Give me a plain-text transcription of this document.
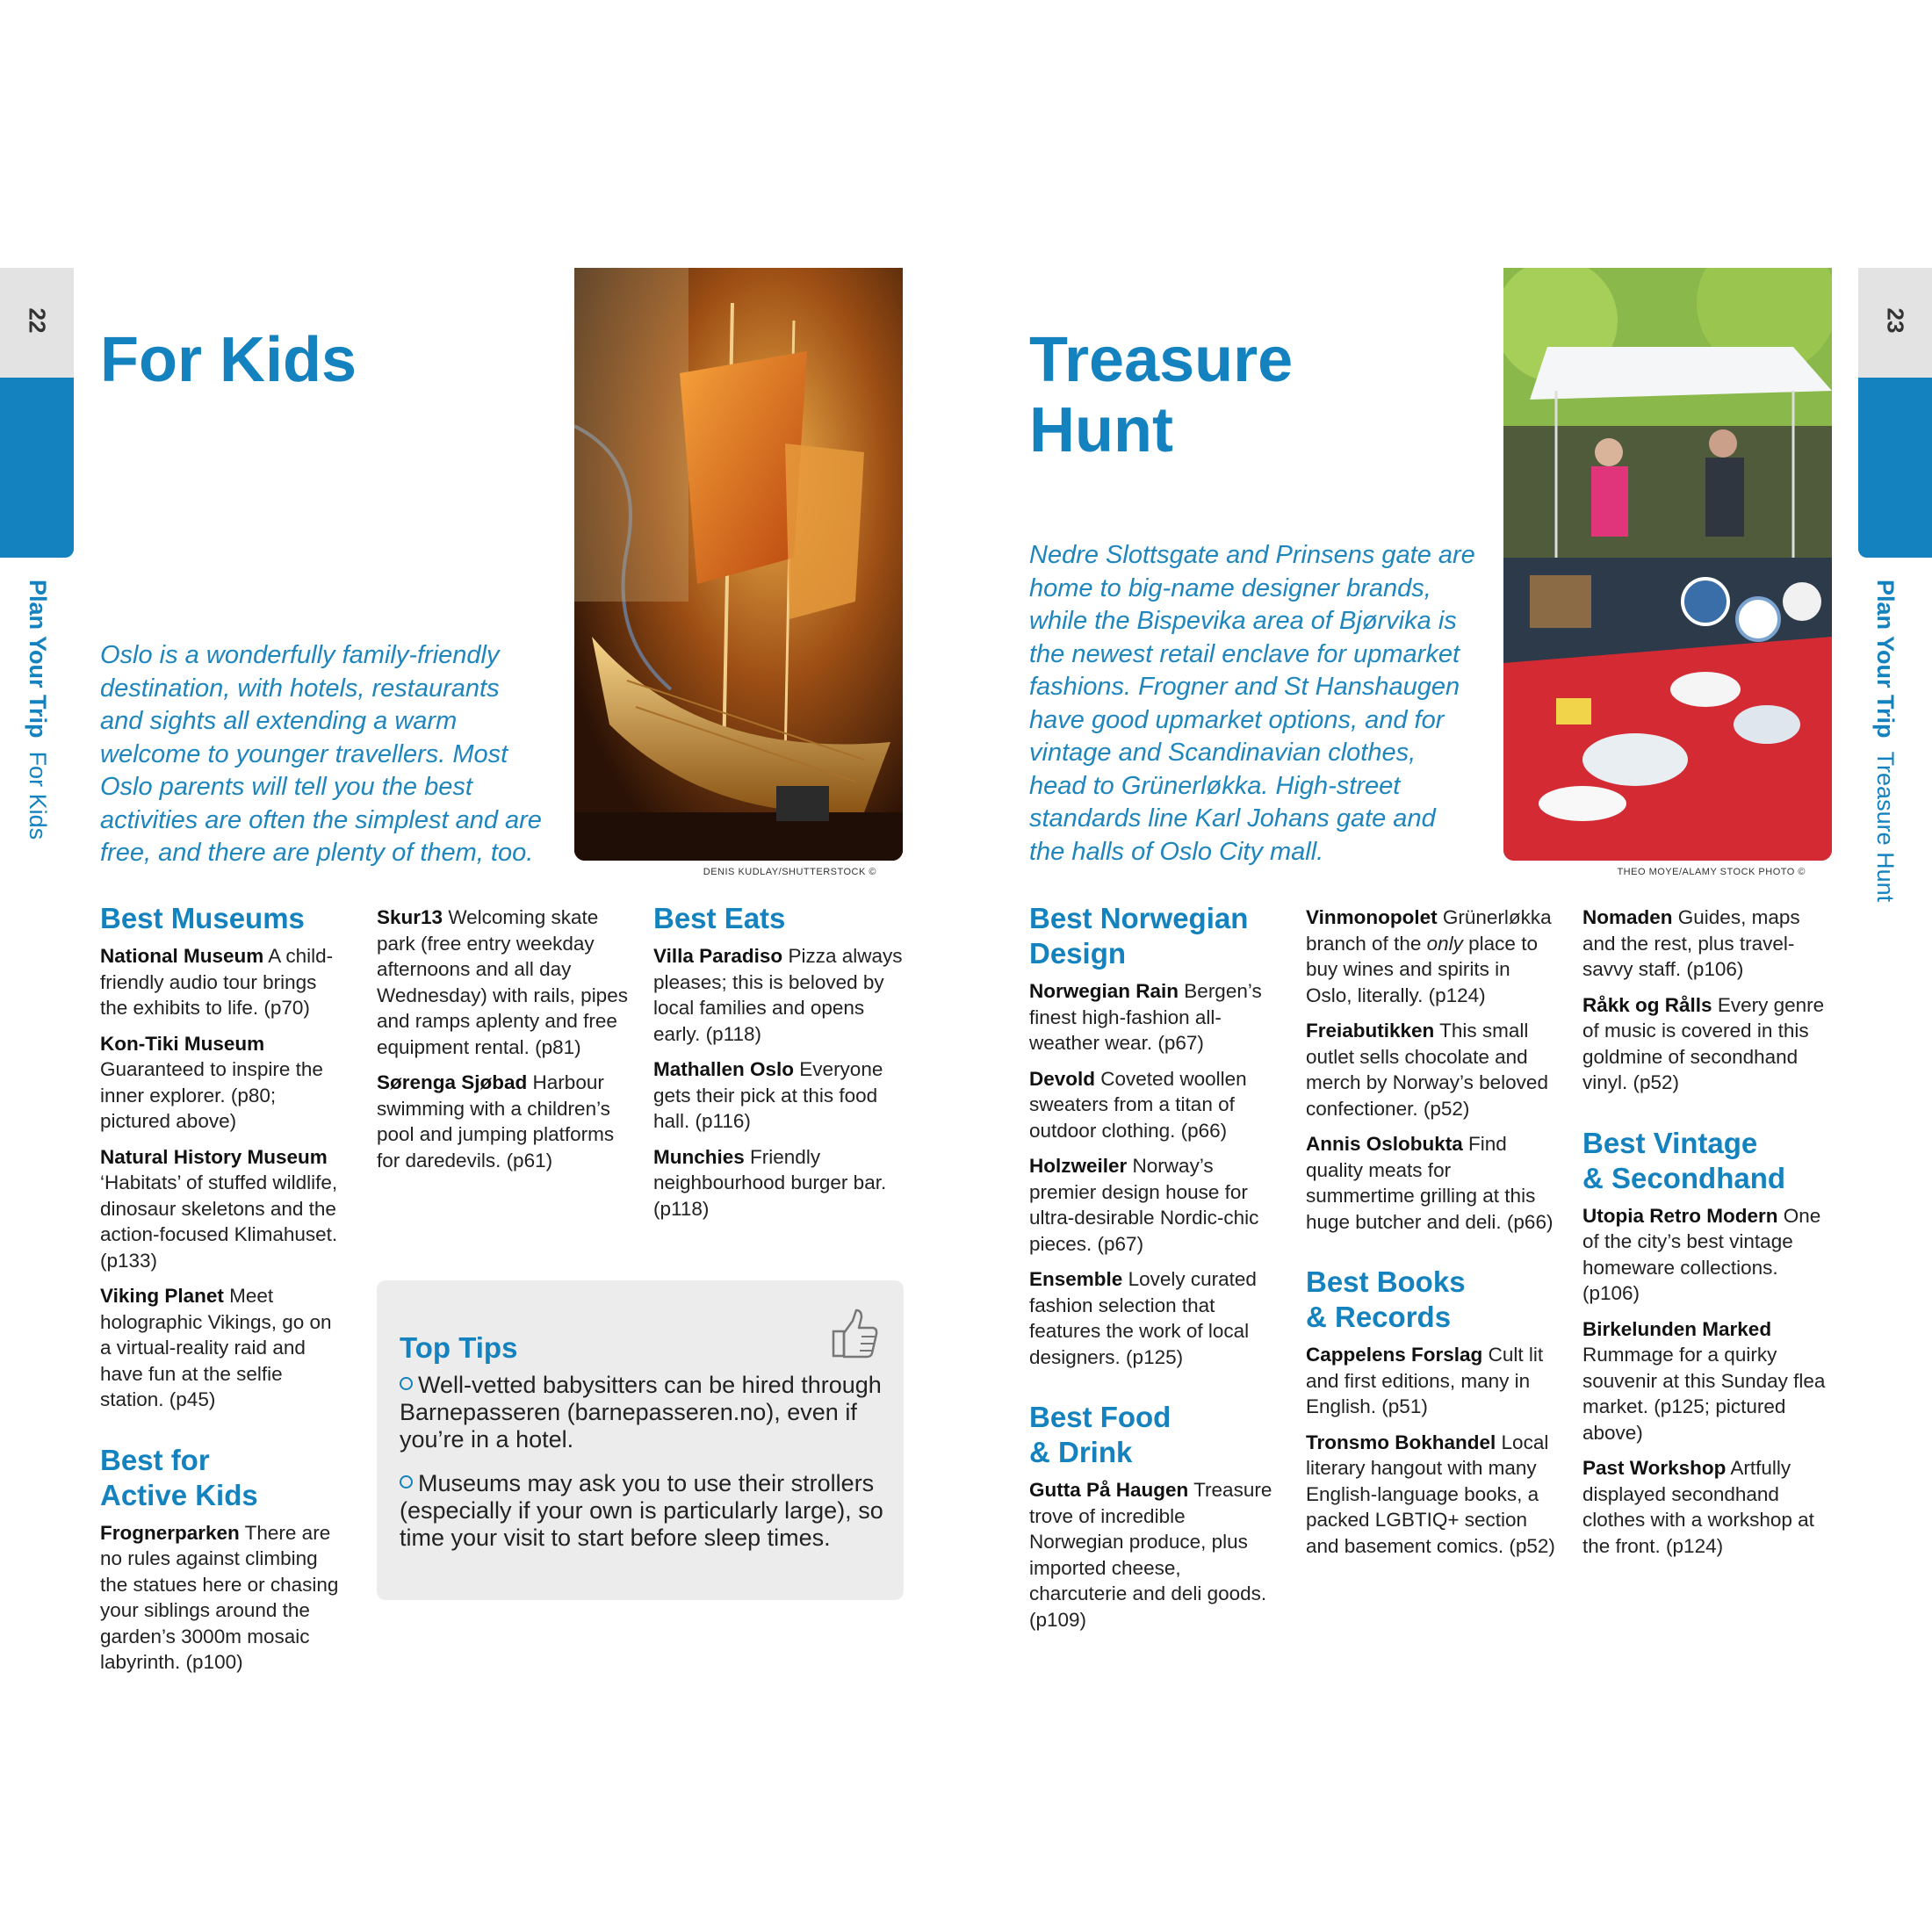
22
Plan Your Trip  For Kids
For Kids
Oslo is a wonderfully family-friendly destination, with hotels, restaurants and sights all extending a warm welcome to younger travellers. Most Oslo parents will tell you the best activities are often the simplest and are free, and there are plenty of them, too.
DENIS KUDLAY/SHUTTERSTOCK ©
Best Museums

National Museum A child-friendly audio tour brings the exhibits to life. (p70)

Kon-Tiki Museum Guaranteed to inspire the inner explorer. (p80; pictured above)

Natural History Museum ‘Habitats’ of stuffed wildlife, dinosaur skeletons and the action-focused Klimahuset. (p133)

Viking Planet Meet holographic Vikings, go on a virtual-reality raid and have fun at the selfie station. (p45)

Best for
Active Kids

Frognerparken There are no rules against climbing the statues here or chasing your siblings around the garden’s 3000m mosaic labyrinth. (p100)

Skur13 Welcoming skate park (free entry weekday afternoons and all day Wednesday) with rails, pipes and ramps aplenty and free equipment rental. (p81)

Sørenga Sjøbad Harbour swimming with a children’s pool and jumping platforms for daredevils. (p61)

Best Eats

Villa Paradiso Pizza always pleases; this is beloved by local families and opens early. (p118)

Mathallen Oslo Everyone gets their pick at this food hall. (p116)

Munchies Friendly neighbourhood burger bar. (p118)

Top Tips

Well-vetted babysitters can be hired through Barnepasseren (barnepasseren.no), even if you’re in a hotel.

Museums may ask you to use their strollers (especially if your own is particularly large), so time your visit to start before sleep times.

23
Plan Your Trip  Treasure Hunt
Treasure
Hunt
Nedre Slottsgate and Prinsens gate are home to big-name designer brands, while the Bispevika area of Bjørvika is the newest retail enclave for upmarket fashions. Frogner and St Hanshaugen have good upmarket options, and for vintage and Scandinavian clothes, head to Grünerløkka. High-street standards line Karl Johans gate and the halls of Oslo City mall.
THEO MOYE/ALAMY STOCK PHOTO ©
Best Norwegian
Design

Norwegian Rain Bergen’s finest high-fashion all-weather wear. (p67)

Devold Coveted woollen sweaters from a titan of outdoor clothing. (p66)

Holzweiler Norway’s premier design house for ultra-desirable Nordic-chic pieces. (p67)

Ensemble Lovely curated fashion selection that features the work of local designers. (p125)

Best Food
& Drink

Gutta På Haugen Treasure trove of incredible Norwegian produce, plus imported cheese, charcuterie and deli goods. (p109)

Vinmonopolet Grünerløkka branch of the only place to buy wines and spirits in Oslo, literally. (p124)

Freiabutikken This small outlet sells chocolate and merch by Norway’s beloved confectioner. (p52)

Annis Oslobukta Find quality meats for summertime grilling at this huge butcher and deli. (p66)

Best Books
& Records

Cappelens Forslag Cult lit and first editions, many in English. (p51)

Tronsmo Bokhandel Local literary hangout with many English-language books, a packed LGBTIQ+ section and basement comics. (p52)

Nomaden Guides, maps and the rest, plus travel-savvy staff. (p106)

Råkk og Rålls Every genre of music is covered in this goldmine of secondhand vinyl. (p52)

Best Vintage
& Secondhand

Utopia Retro Modern One of the city’s best vintage homeware collections. (p106)

Birkelunden Marked Rummage for a quirky souvenir at this Sunday flea market. (p125; pictured above)

Past Workshop Artfully displayed secondhand clothes with a workshop at the front. (p124)
